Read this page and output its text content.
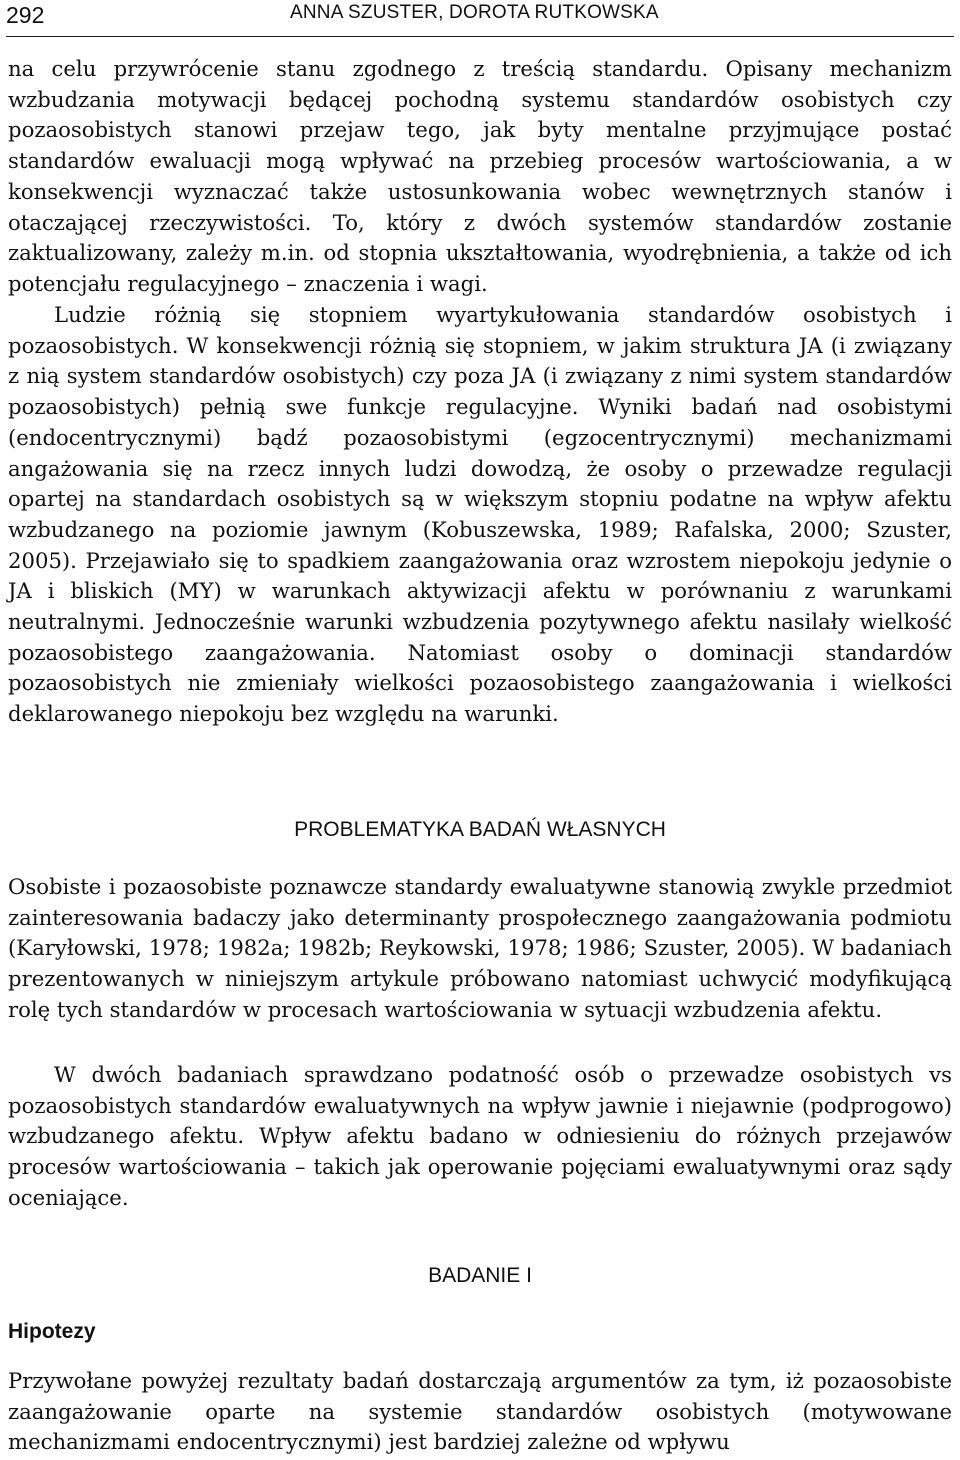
292	ANNA SZUSTER, DOROTA RUTKOWSKA

na celu przywrócenie stanu zgodnego z treścią standardu. Opisany mechanizm wzbudzania motywacji będącej pochodną systemu standardów osobistych czy pozaosobistych stanowi przejaw tego, jak byty mentalne przyjmujące postać standardów ewaluacji mogą wpływać na przebieg procesów wartościowania, a w konsekwencji wyznaczać także ustosunkowania wobec wewnętrznych stanów i otaczającej rzeczywistości. To, który z dwóch systemów standardów zostanie zaktualizowany, zależy m.in. od stopnia ukształtowania, wyodrębnienia, a także od ich potencjału regulacyjnego – znaczenia i wagi.

Ludzie różnią się stopniem wyartykułowania standardów osobistych i pozaosobistych. W konsekwencji różnią się stopniem, w jakim struktura JA (i związany z nią system standardów osobistych) czy poza JA (i związany z nimi system standardów pozaosobistych) pełnią swe funkcje regulacyjne. Wyniki badań nad osobistymi (endocentrycznymi) bądź pozaosobistymi (egzocentrycznymi) mechanizmami angażowania się na rzecz innych ludzi dowodzą, że osoby o przewadze regulacji opartej na standardach osobistych są w większym stopniu podatne na wpływ afektu wzbudzanego na poziomie jawnym (Kobuszewska, 1989; Rafalska, 2000; Szuster, 2005). Przejawiało się to spadkiem zaangażowania oraz wzrostem niepokoju jedynie o JA i bliskich (MY) w warunkach aktywizacji afektu w porównaniu z warunkami neutralnymi. Jednocześnie warunki wzbudzenia pozytywnego afektu nasilały wielkość pozaosobistego zaangażowania. Natomiast osoby o dominacji standardów pozaosobistych nie zmieniały wielkości pozaosobistego zaangażowania i wielkości deklarowanego niepokoju bez względu na warunki.

PROBLEMATYKA BADAŃ WŁASNYCH

Osobiste i pozaosobiste poznawcze standardy ewaluatywne stanowią zwykle przedmiot zainteresowania badaczy jako determinanty prospołecznego zaangażowania podmiotu (Karyłowski, 1978; 1982a; 1982b; Reykowski, 1978; 1986; Szuster, 2005). W badaniach prezentowanych w niniejszym artykule próbowano natomiast uchwycić modyfikującą rolę tych standardów w procesach wartościowania w sytuacji wzbudzenia afektu.

W dwóch badaniach sprawdzano podatność osób o przewadze osobistych vs pozaosobistych standardów ewaluatywnych na wpływ jawnie i niejawnie (podprogowo) wzbudzanego afektu. Wpływ afektu badano w odniesieniu do różnych przejawów procesów wartościowania – takich jak operowanie pojęciami ewaluatywnymi oraz sądy oceniające.

BADANIE I
Hipotezy

Przywołane powyżej rezultaty badań dostarczają argumentów za tym, iż pozaosobiste zaangażowanie oparte na systemie standardów osobistych (motywowane mechanizmami endocentrycznymi) jest bardziej zależne od wpływu
